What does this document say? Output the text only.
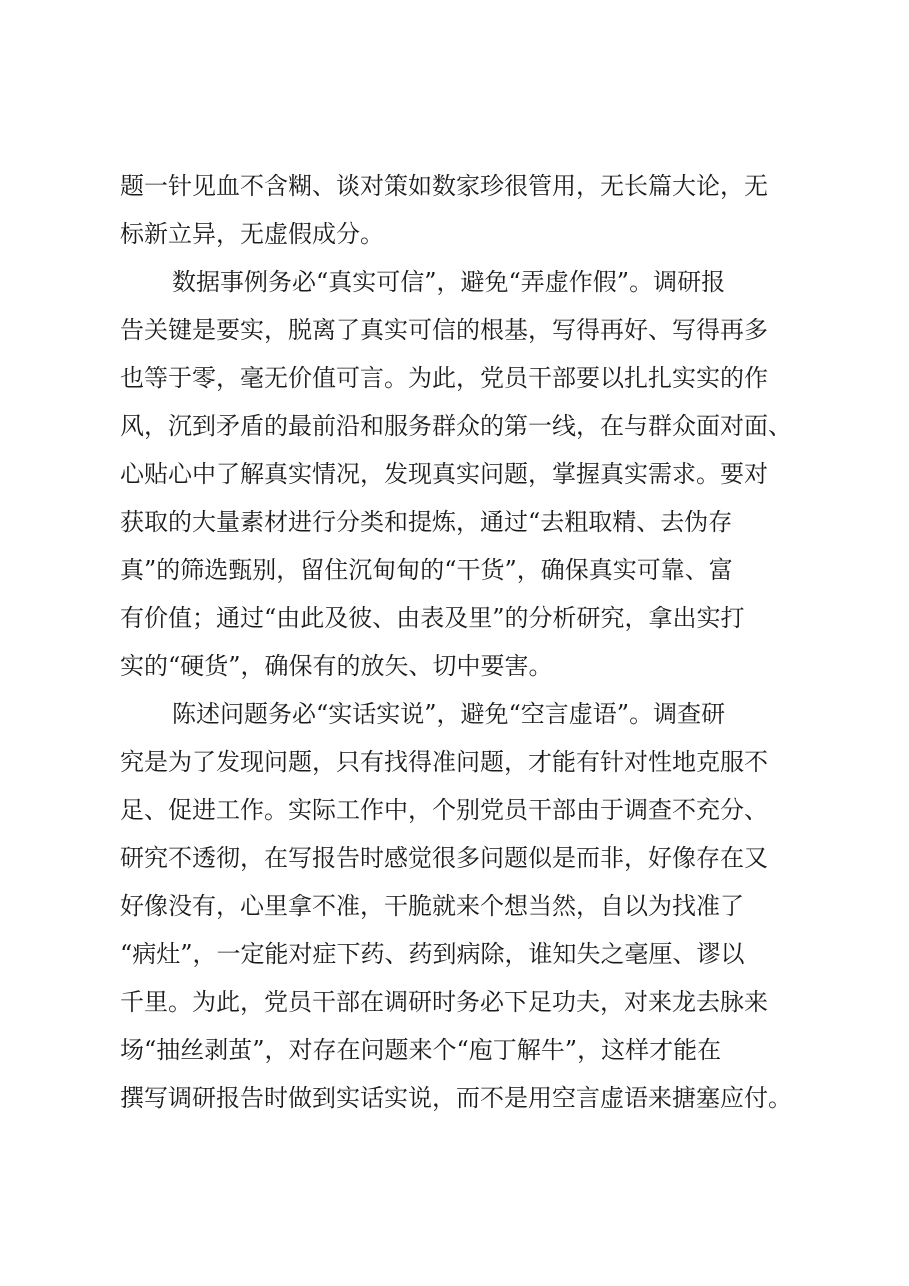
题一针见血不含糊、谈对策如数家珍很管用，无长篇大论，无
标新立异，无虚假成分。
数据事例务必“真实可信”，避免“弄虚作假”。调研报
告关键是要实，脱离了真实可信的根基，写得再好、写得再多
也等于零，毫无价值可言。为此，党员干部要以扎扎实实的作
风，沉到矛盾的最前沿和服务群众的第一线，在与群众面对面、
心贴心中了解真实情况，发现真实问题，掌握真实需求。要对
获取的大量素材进行分类和提炼，通过“去粗取精、去伪存
真”的筛选甄别，留住沉甸甸的“干货”，确保真实可靠、富
有价值；通过“由此及彼、由表及里”的分析研究，拿出实打
实的“硬货”，确保有的放矢、切中要害。
陈述问题务必“实话实说”，避免“空言虚语”。调查研
究是为了发现问题，只有找得准问题，才能有针对性地克服不
足、促进工作。实际工作中，个别党员干部由于调查不充分、
研究不透彻，在写报告时感觉很多问题似是而非，好像存在又
好像没有，心里拿不准，干脆就来个想当然，自以为找准了
“病灶”，一定能对症下药、药到病除，谁知失之毫厘、谬以
千里。为此，党员干部在调研时务必下足功夫，对来龙去脉来
场“抽丝剥茧”，对存在问题来个“庖丁解牛”，这样才能在
撰写调研报告时做到实话实说，而不是用空言虚语来搪塞应付。
